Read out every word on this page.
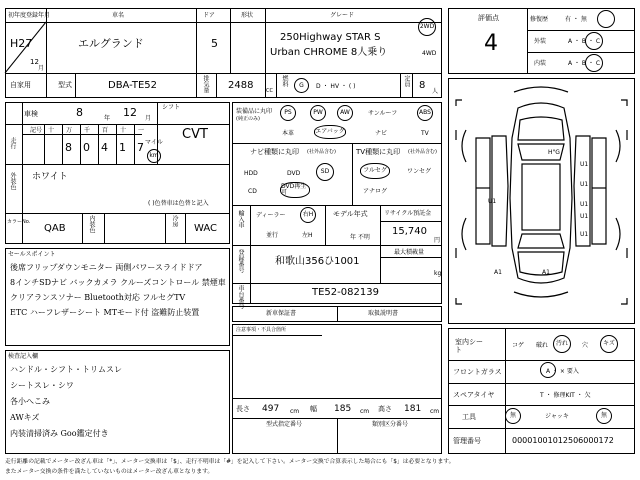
初年度登録年月
H27
12
月
車名
エルグランド
ドア
5
形状	グレード
250Highway STAR S
Urban CHROME 8人乗り
2WD
4WD
自家用	型式	DBA-TE52	排気量 2488	CC
燃料 G D ・ HV ・ ( )	定員 8
人
車検	8	年 12 月
シフト
CVT
走行
記号 十 万 千 百 十 一
8 0 4 1 7 マイル
km
外装色 ホワイト
( )色替車は色替と記入
カラーNo.
QAB	内装色	冷房
WAC
装備品に丸印
(純正のみ)
PS	PW	AW	サンルーフ	ABS
本革	エアバック	ナビ	TV
ナビ種類に丸印 (社外品含む)
HDD	DVD	SD
CD
DVD再生可
TV種類に丸印 (社外品含む)
フルセグ	ワンセグ
アナログ
輸入車 ディーラー
並行
右H
左H
モデル年式
年 不明
リサイクル預託金
15,740
円
最大積載量
kg
登録番号	和歌山356ひ1001
車台番号	TE52-082139
セールスポイント
後席フリップダウンモニター 両側パワースライドドア
8インチSDナビ バックカメラ クルーズコントロール 禁煙車
クリアランスソナー Bluetooth対応 フルセグTV
ETC ハーフレザーシート MTモード付 盗難防止装置
検査記入欄
ハンドル・シフト・トリムスレ
シートスレ・シワ
各小へこみ
AWキズ
内装清掃済み Goo鑑定付き
新車保証書	取扱説明書
注意事項・不具合箇所
長さ 497 cm 幅 185 cm 高さ 181 cm
型式指定番号	類別区分番号
評価点
4
修復歴	有 ・ 無
外装	A ・ B ・ C
内装	A ・ B ・ C
H"G
U1
U1
U1	U1
U1
U1
A1	A1
室内シート
コゲ 破れ 汚れ 穴	キズ
フロントガラス	A ・ × 要入
スペアタイヤ	T ・ 修理KIT ・ 欠
工具	無	ジャッキ	無
管理番号	00001001012506000172
走行距離の記載でメーター改ざん車は「*」、メーター交換車は「$」、走行不明車は「#」を記入して下さい。メーター交換で合算表示した場合にも「$」は必要となります。
またメーター交換の条件を満たしていないものはメーター改ざん車となります。
